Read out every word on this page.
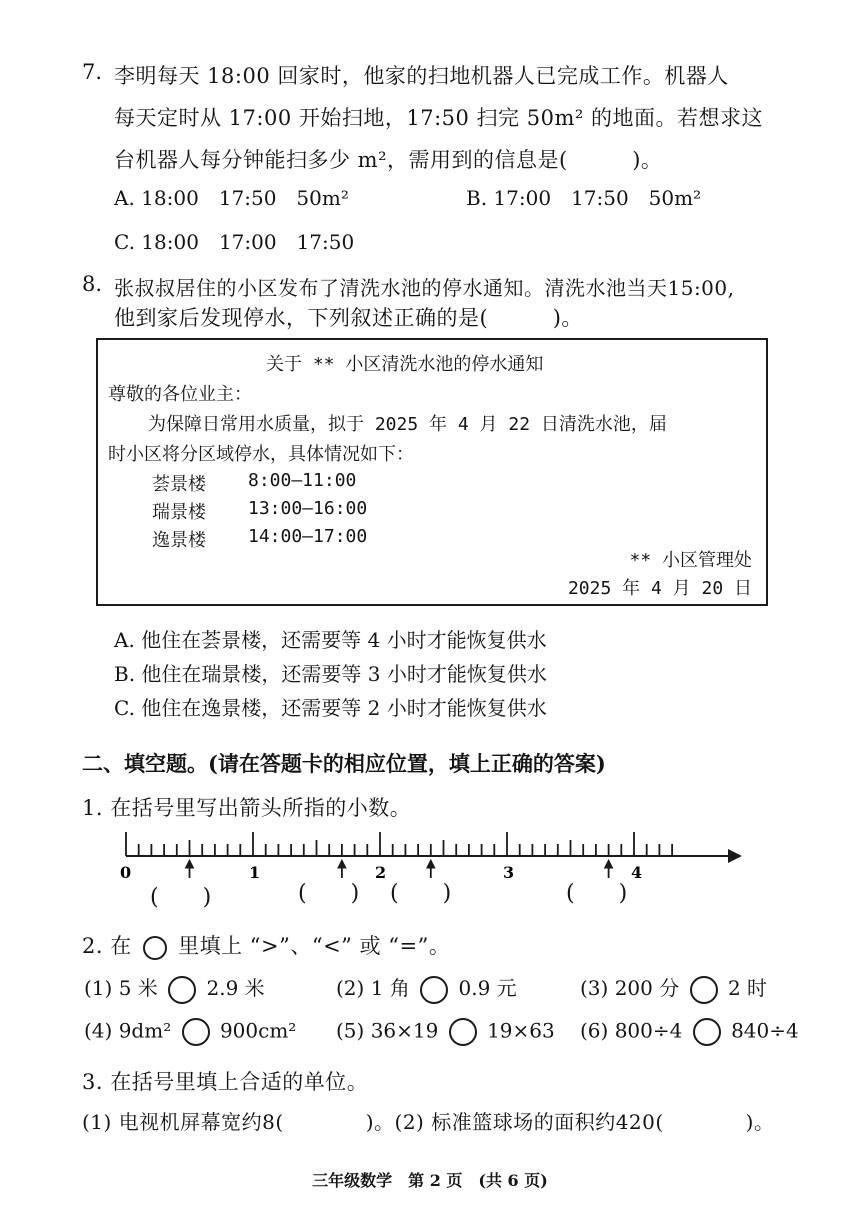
7. 李明每天 18:00 回家时，他家的扫地机器人已完成工作。机器人
每天定时从 17:00 开始扫地，17:50 扫完 50m² 的地面。若想求这
台机器人每分钟能扫多少 m²，需用到的信息是(　　　)。
A. 18:00　17:50　50m²	B. 17:00　17:50　50m²
C. 18:00　17:00　17:50
8. 张叔叔居住的小区发布了清洗水池的停水通知。清洗水池当天15:00,
他到家后发现停水，下列叙述正确的是(　　　)。
关于 ** 小区清洗水池的停水通知
尊敬的各位业主：
为保障日常用水质量，拟于 2025 年 4 月 22 日清洗水池，届
时小区将分区域停水，具体情况如下：
荟景楼 8:00–11:00
瑞景楼 13:00–16:00
逸景楼 14:00–17:00
** 小区管理处
2025 年 4 月 20 日
A. 他住在荟景楼，还需要等 4 小时才能恢复供水
B. 他住在瑞景楼，还需要等 3 小时才能恢复供水
C. 他住在逸景楼，还需要等 2 小时才能恢复供水
二、填空题。(请在答题卡的相应位置，填上正确的答案)
1. 在括号里写出箭头所指的小数。
0	1	2	3	4
(　　)	(　　) (　　)	(　　)
2. 在 里填上 “>”、“<” 或 “=”。
(1) 5 米 2.9 米	(2) 1 角 0.9 元	(3) 200 分 2 时
(4) 9dm² 900cm² (5) 36×19 19×63 (6) 800÷4 840÷4
3. 在括号里填上合适的单位。
(1) 电视机屏幕宽约8(　　　　)。(2) 标准篮球场的面积约420(　　　　)。
三年级数学　第 2 页　(共 6 页)
